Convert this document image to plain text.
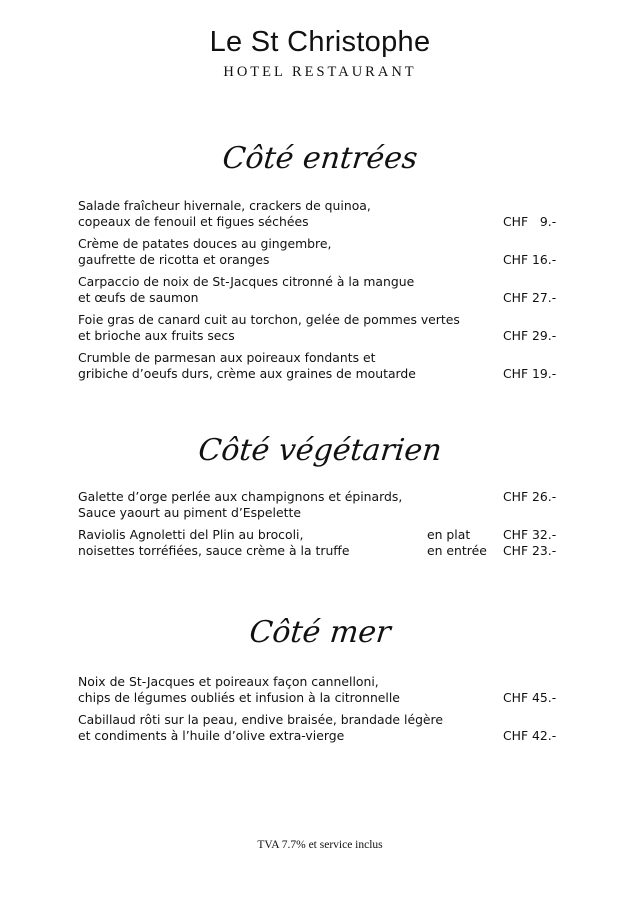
Le St Christophe
HOTEL RESTAURANT
Côté entrées
Salade fraîcheur hivernale, crackers de quinoa,
copeaux de fenouil et figues séchées	CHF   9.-
Crème de patates douces au gingembre,
gaufrette de ricotta et oranges	CHF 16.-
Carpaccio de noix de St-Jacques citronné à la mangue
et œufs de saumon	CHF 27.-
Foie gras de canard cuit au torchon, gelée de pommes vertes
et brioche aux fruits secs	CHF 29.-
Crumble de parmesan aux poireaux fondants et
gribiche d’oeufs durs, crème aux graines de moutarde	CHF 19.-
Côté végétarien
Galette d’orge perlée aux champignons et épinards,
Sauce yaourt au piment d’Espelette
CHF 26.-
Raviolis Agnoletti del Plin au brocoli,
noisettes torréfiées, sauce crème à la truffe
en plat	CHF 32.-
en entrée CHF 23.-
Côté mer
Noix de St-Jacques et poireaux façon cannelloni,
chips de légumes oubliés et infusion à la citronnelle	CHF 45.-
Cabillaud rôti sur la peau, endive braisée, brandade légère
et condiments à l’huile d’olive extra-vierge	CHF 42.-
TVA 7.7% et service inclus
